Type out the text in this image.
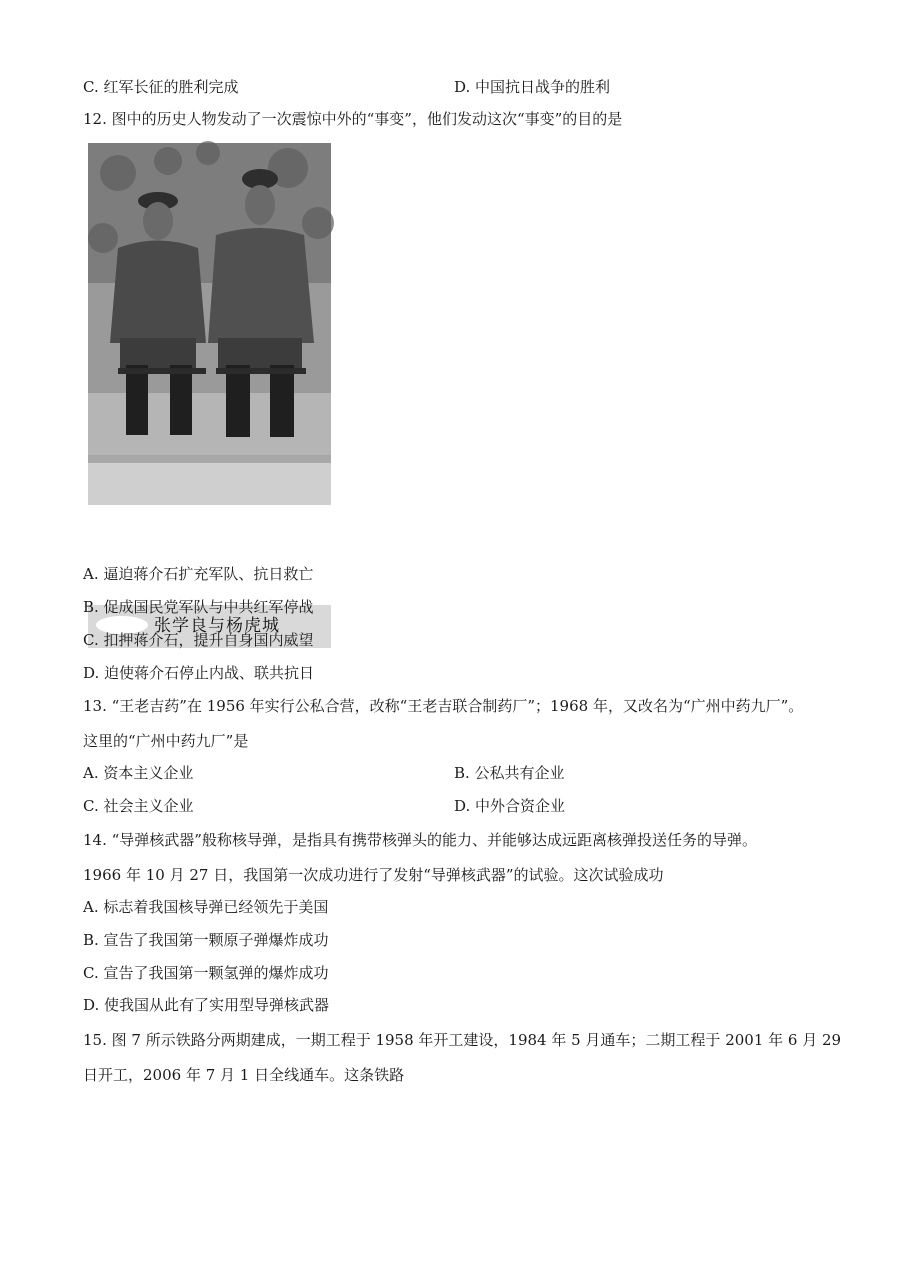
C. 红军长征的胜利完成	D. 中国抗日战争的胜利
12. 图中的历史人物发动了一次震惊中外的“事变”，他们发动这次“事变”的目的是
张学良与杨虎城
A. 逼迫蒋介石扩充军队、抗日救亡
B. 促成国民党军队与中共红军停战
C. 扣押蒋介石，提升自身国内威望
D. 迫使蒋介石停止内战、联共抗日
13. “王老吉药”在 1956 年实行公私合营，改称“王老吉联合制药厂”；1968 年，又改名为“广州中药九厂”。
这里的“广州中药九厂”是
A. 资本主义企业	B. 公私共有企业
C. 社会主义企业	D. 中外合资企业
14. “导弹核武器”般称核导弹，是指具有携带核弹头的能力、并能够达成远距离核弹投送任务的导弹。
1966 年 10 月 27 日，我国第一次成功进行了发射“导弹核武器”的试验。这次试验成功
A. 标志着我国核导弹已经领先于美国
B. 宣告了我国第一颗原子弹爆炸成功
C. 宣告了我国第一颗氢弹的爆炸成功
D. 使我国从此有了实用型导弹核武器
15. 图 7 所示铁路分两期建成，一期工程于 1958 年开工建设，1984 年 5 月通车；二期工程于 2001 年 6 月 29
日开工，2006 年 7 月 1 日全线通车。这条铁路
